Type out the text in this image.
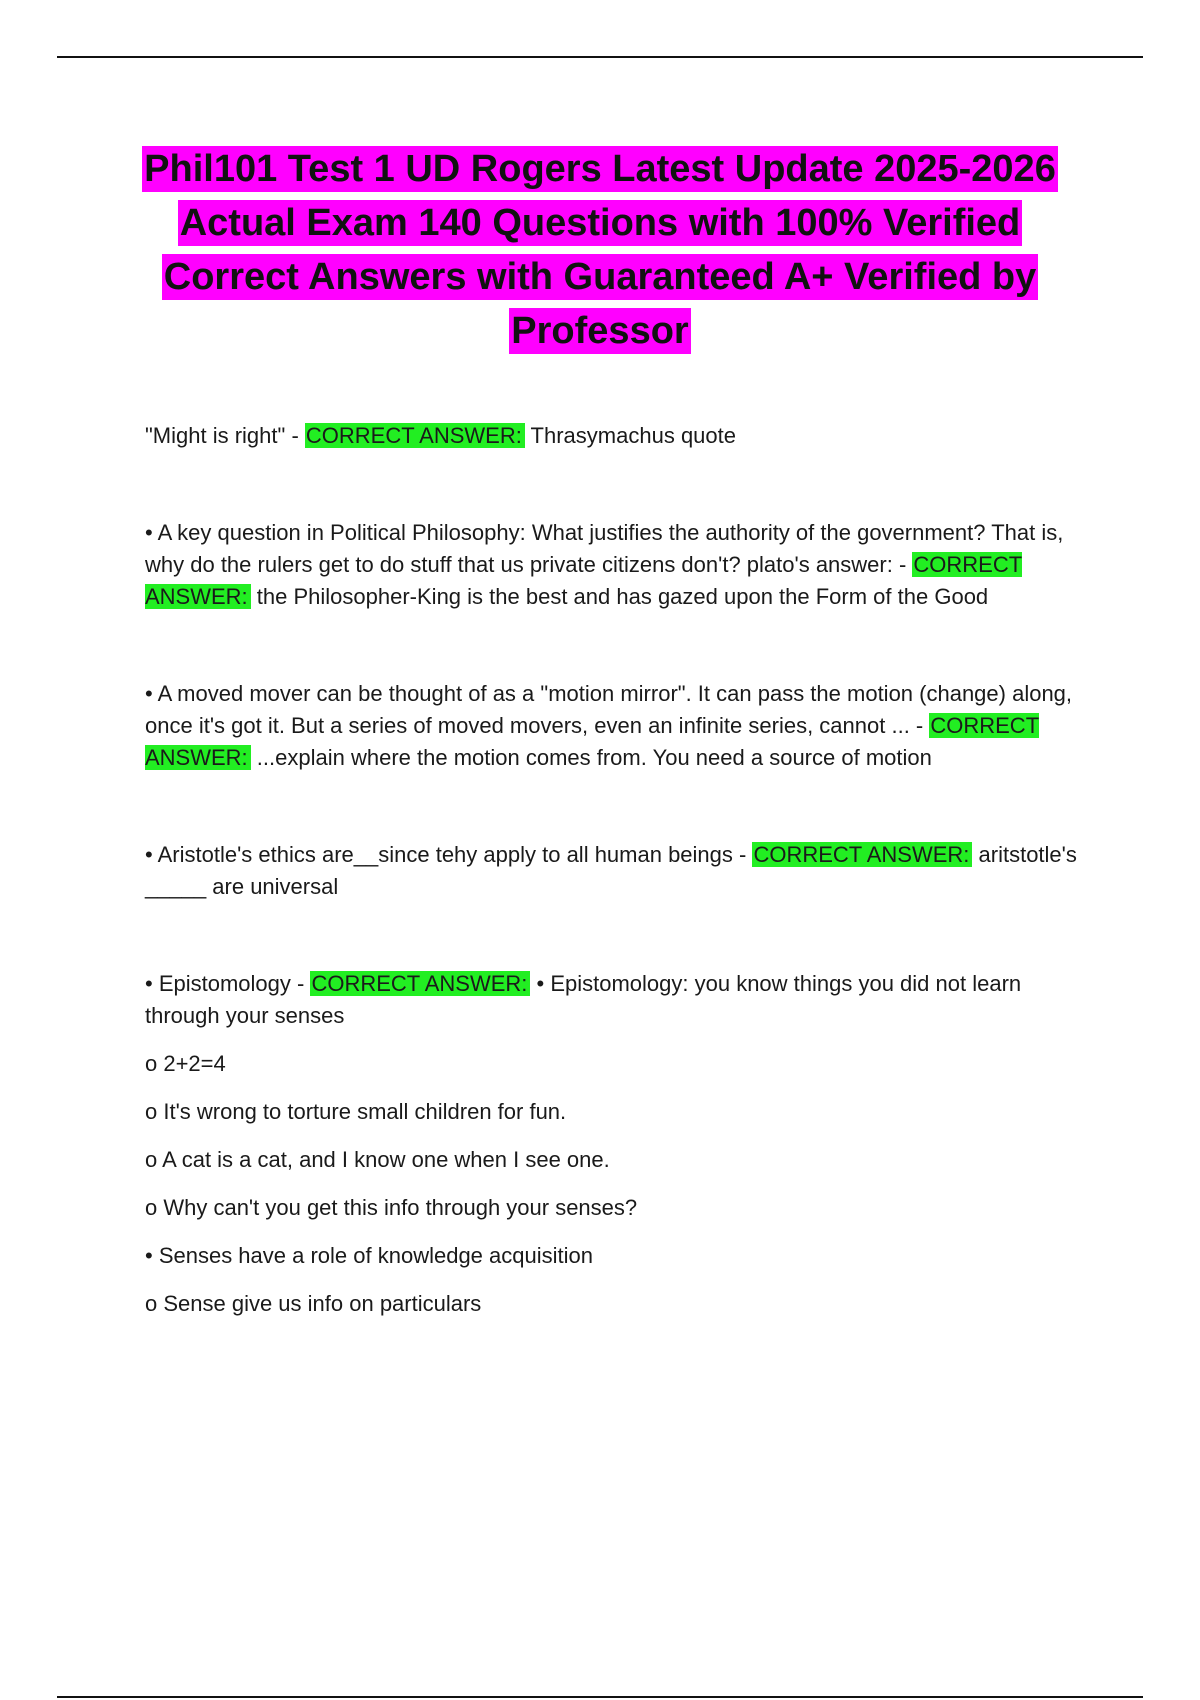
Phil101 Test 1 UD Rogers Latest Update 2025-2026 Actual Exam 140 Questions with 100% Verified Correct Answers with Guaranteed A+ Verified by Professor

"Might is right" - CORRECT ANSWER: Thrasymachus quote

• A key question in Political Philosophy: What justifies the authority of the government? That is, why do the rulers get to do stuff that us private citizens don't? plato's answer: - CORRECT ANSWER: the Philosopher-King is the best and has gazed upon the Form of the Good

• A moved mover can be thought of as a "motion mirror". It can pass the motion (change) along, once it's got it. But a series of moved movers, even an infinite series, cannot ... - CORRECT ANSWER: ...explain where the motion comes from. You need a source of motion

• Aristotle's ethics are__since tehy apply to all human beings - CORRECT ANSWER: aritstotle's _____ are universal

• Epistomology - CORRECT ANSWER: • Epistomology: you know things you did not learn through your senses

o 2+2=4

o It's wrong to torture small children for fun.

o A cat is a cat, and I know one when I see one.

o Why can't you get this info through your senses?

• Senses have a role of knowledge acquisition

o Sense give us info on particulars
